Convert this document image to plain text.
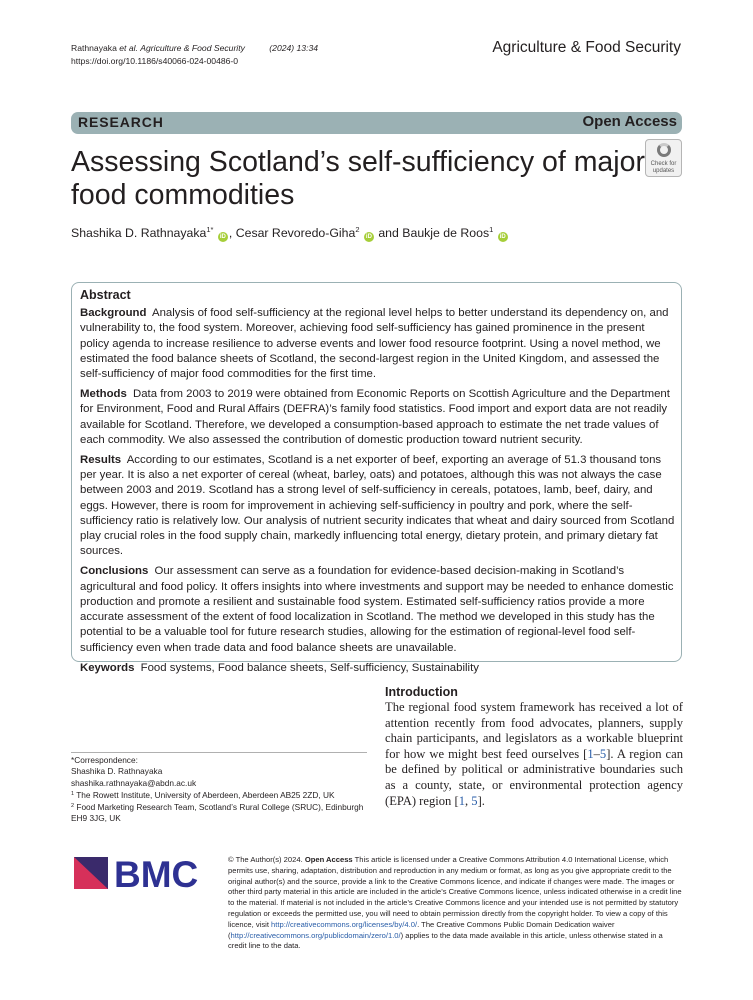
Rathnayaka et al. Agriculture & Food Security	(2024) 13:34
https://doi.org/10.1186/s40066-024-00486-0
Agriculture & Food Security
RESEARCH	Open Access
Assessing Scotland’s self-sufficiency of major food commodities
Check for
updates
Shashika D. Rathnayaka$^{1*}$ iD , Cesar Revoredo-Giha$^2$ iD and Baukje de Roos$^1$ iD
Abstract

Background Analysis of food self-sufficiency at the regional level helps to better understand its dependency on, and vulnerability to, the food system. Moreover, achieving food self-sufficiency has gained prominence in the present policy agenda to increase resilience to adverse events and lower food resource footprint. Using a novel method, we estimated the food balance sheets of Scotland, the second-largest region in the United Kingdom, and assessed the self-sufficiency of major food commodities for the first time.

Methods Data from 2003 to 2019 were obtained from Economic Reports on Scottish Agriculture and the Department for Environment, Food and Rural Affairs (DEFRA)’s family food statistics. Food import and export data are not readily available for Scotland. Therefore, we developed a consumption-based approach to estimate the net trade values of each commodity. We also assessed the contribution of domestic production toward nutrient security.

Results According to our estimates, Scotland is a net exporter of beef, exporting an average of 51.3 thousand tons per year. It is also a net exporter of cereal (wheat, barley, oats) and potatoes, although this was not always the case between 2003 and 2019. Scotland has a strong level of self-sufficiency in cereals, potatoes, lamb, beef, dairy, and eggs. However, there is room for improvement in achieving self-sufficiency in poultry and pork, where the self-sufficiency ratio is relatively low. Our analysis of nutrient security indicates that wheat and dairy sourced from Scotland play crucial roles in the food supply chain, markedly influencing total energy, dietary protein, and primary dietary fat sources.

Conclusions Our assessment can serve as a foundation for evidence-based decision-making in Scotland’s agricultural and food policy. It offers insights into where investments and support may be needed to enhance domestic production and promote a resilient and sustainable food system. Estimated self-sufficiency ratios provide a more accurate assessment of the extent of food localization in Scotland. The method we developed in this study has the potential to be a valuable tool for future research studies, allowing for the estimation of regional-level food self-sufficiency even when trade data and food balance sheets are unavailable.

Keywords Food systems, Food balance sheets, Self-sufficiency, Sustainability

*Correspondence:
Shashika D. Rathnayaka
shashika.rathnayaka@abdn.ac.uk
$^1$ The Rowett Institute, University of Aberdeen, Aberdeen AB25 2ZD, UK
$^2$ Food Marketing Research Team, Scotland’s Rural College (SRUC), Edinburgh EH9 3JG, UK
Introduction
The regional food system framework has received a lot of attention recently from food advocates, planners, supply chain participants, and legislators as a workable blueprint for how we might best feed ourselves [1–5]. A region can be defined by political or administrative boundaries such as a county, state, or environmental protection agency (EPA) region [1, 5].
BMC	© The Author(s) 2024. Open Access This article is licensed under a Creative Commons Attribution 4.0 International License, which permits use, sharing, adaptation, distribution and reproduction in any medium or format, as long as you give appropriate credit to the original author(s) and the source, provide a link to the Creative Commons licence, and indicate if changes were made. The images or other third party material in this article are included in the article’s Creative Commons licence, unless indicated otherwise in a credit line to the material. If material is not included in the article’s Creative Commons licence and your intended use is not permitted by statutory regulation or exceeds the permitted use, you will need to obtain permission directly from the copyright holder. To view a copy of this licence, visit http://creativecommons.org/licenses/by/4.0/. The Creative Commons Public Domain Dedication waiver (http://creativecommons.org/publicdomain/zero/1.0/) applies to the data made available in this article, unless otherwise stated in a credit line to the data.
